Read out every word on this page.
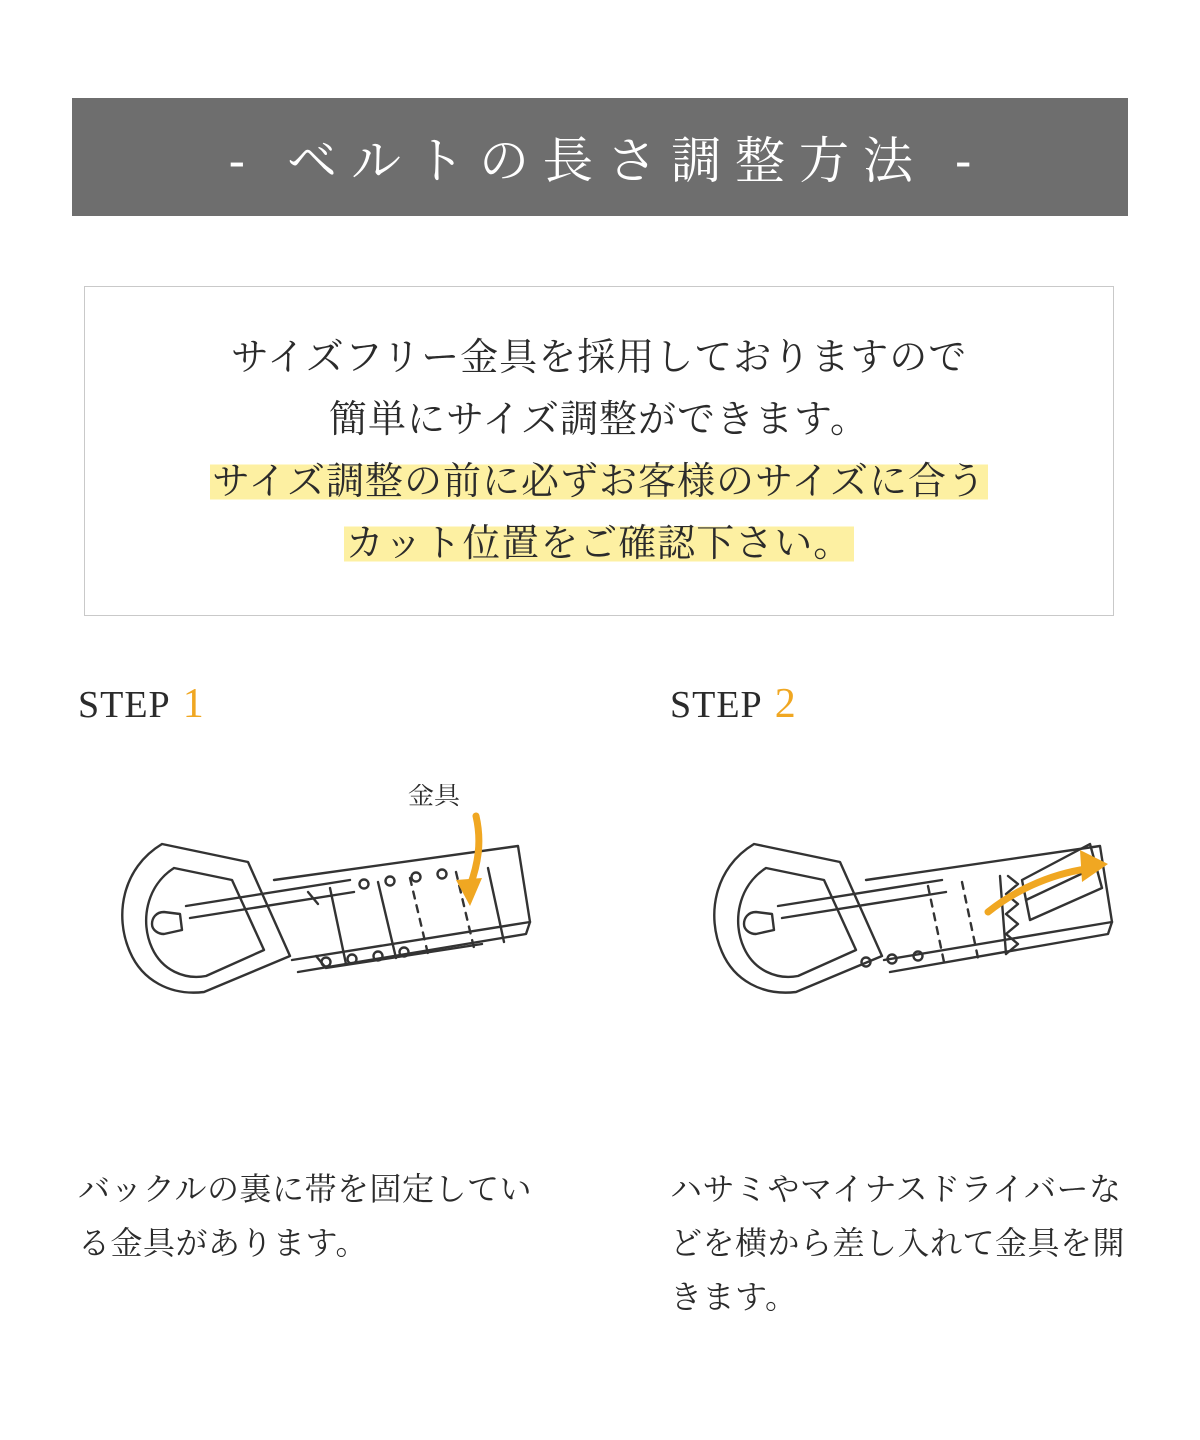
- ベルトの長さ調整方法 -
サイズフリー金具を採用しておりますので
簡単にサイズ調整ができます。
サイズ調整の前に必ずお客様のサイズに合う
カット位置をご確認下さい。
STEP 1
金具
バックルの裏に帯を固定している金具があります。
STEP 2
ハサミやマイナスドライバーなどを横から差し入れて金具を開きます。
